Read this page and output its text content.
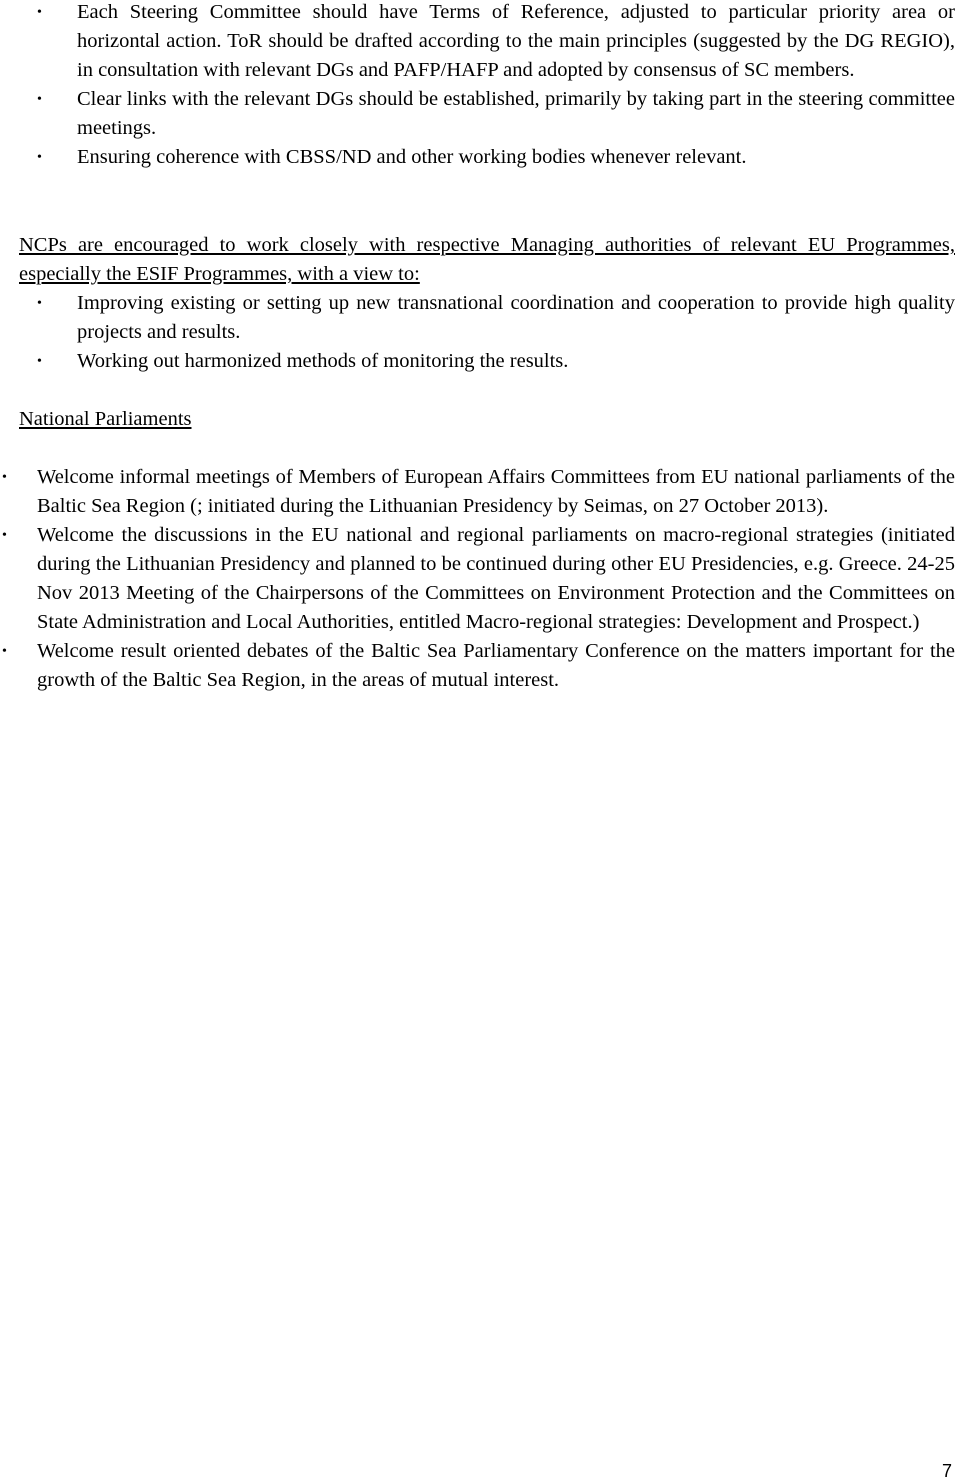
• Each Steering Committee should have Terms of Reference, adjusted to particular priority area or horizontal action. ToR should be drafted according to the main principles (suggested by the DG REGIO), in consultation with relevant DGs and PAFP/HAFP and adopted by consensus of SC members.
• Clear links with the relevant DGs should be established, primarily by taking part in the steering committee meetings.
• Ensuring coherence with CBSS/ND and other working bodies whenever relevant.

NCPs are encouraged to work closely with respective Managing authorities of relevant EU Programmes, especially the ESIF Programmes, with a view to:

• Improving existing or setting up new transnational coordination and cooperation to provide high quality projects and results.
• Working out harmonized methods of monitoring the results.
National Parliaments
• Welcome informal meetings of Members of European Affairs Committees from EU national parliaments of the Baltic Sea Region (; initiated during the Lithuanian Presidency by Seimas, on 27 October 2013).
• Welcome the discussions in the EU national and regional parliaments on macro-regional strategies (initiated during the Lithuanian Presidency and planned to be continued during other EU Presidencies, e.g. Greece. 24-25 Nov 2013 Meeting of the Chairpersons of the Committees on Environment Protection and the Committees on State Administration and Local Authorities, entitled Macro-regional strategies: Development and Prospect.)
• Welcome result oriented debates of the Baltic Sea Parliamentary Conference on the matters important for the growth of the Baltic Sea Region, in the areas of mutual interest.
7
